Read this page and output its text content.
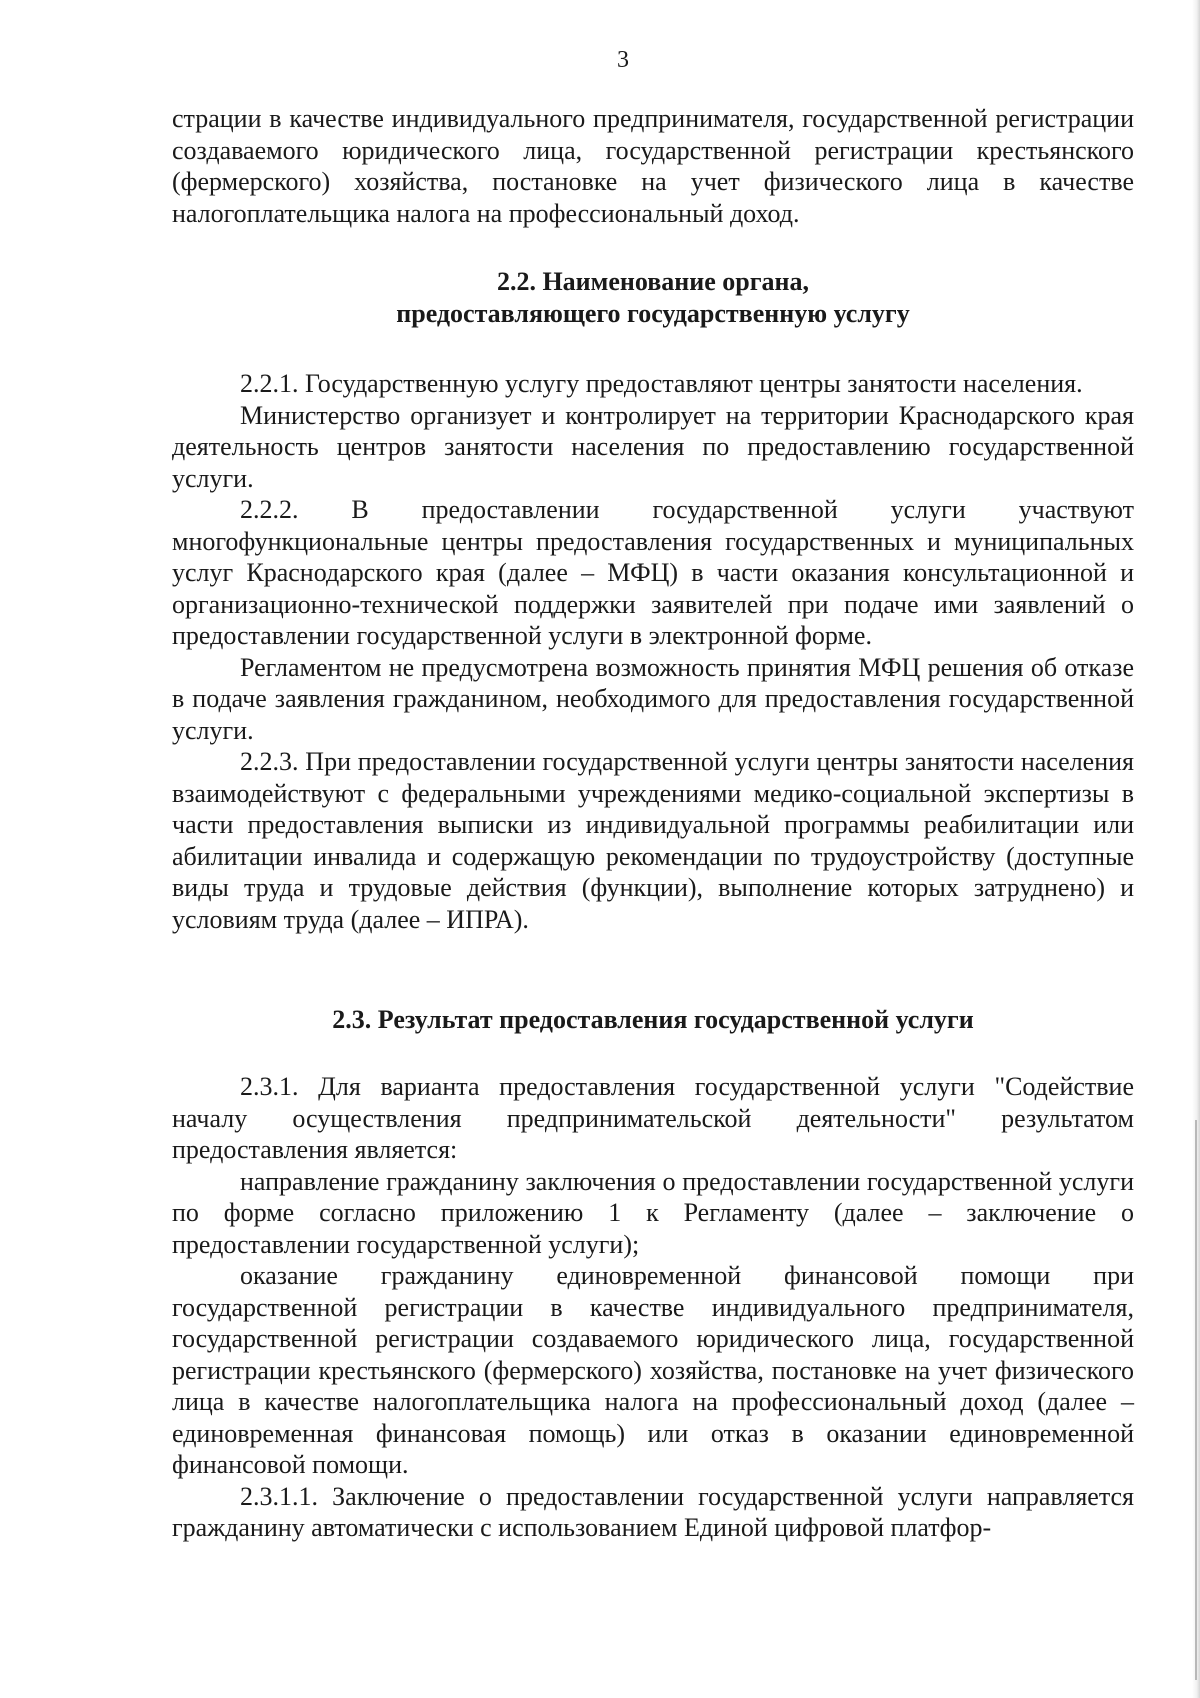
3

страции в качестве индивидуального предпринимателя, государственной регистрации создаваемого юридического лица, государственной регистрации крестьянского (фермерского) хозяйства, постановке на учет физического лица в качестве налогоплательщика налога на профессиональный доход.

2.2. Наименование органа,
предоставляющего государственную услугу

2.2.1. Государственную услугу предоставляют центры занятости населения.

Министерство организует и контролирует на территории Краснодарского края деятельность центров занятости населения по предоставлению государственной услуги.

2.2.2. В предоставлении государственной услуги участвуют многофункциональные центры предоставления государственных и муниципальных услуг Краснодарского края (далее – МФЦ) в части оказания консультационной и организационно-технической поддержки заявителей при подаче ими заявлений о предоставлении государственной услуги в электронной форме.

Регламентом не предусмотрена возможность принятия МФЦ решения об отказе в подаче заявления гражданином, необходимого для предоставления государственной услуги.

2.2.3. При предоставлении государственной услуги центры занятости населения взаимодействуют с федеральными учреждениями медико-социальной экспертизы в части предоставления выписки из индивидуальной программы реабилитации или абилитации инвалида и содержащую рекомендации по трудоустройству (доступные виды труда и трудовые действия (функции), выполнение которых затруднено) и условиям труда (далее – ИПРА).

2.3. Результат предоставления государственной услуги

2.3.1. Для варианта предоставления государственной услуги "Содействие началу осуществления предпринимательской деятельности" результатом предоставления является:

направление гражданину заключения о предоставлении государственной услуги по форме согласно приложению 1 к Регламенту (далее – заключение о предоставлении государственной услуги);

оказание гражданину единовременной финансовой помощи при государственной регистрации в качестве индивидуального предпринимателя, государственной регистрации создаваемого юридического лица, государственной регистрации крестьянского (фермерского) хозяйства, постановке на учет физического лица в качестве налогоплательщика налога на профессиональный доход (далее – единовременная финансовая помощь) или отказ в оказании единовременной финансовой помощи.

2.3.1.1. Заключение о предоставлении государственной услуги направляется гражданину автоматически с использованием Единой цифровой платфор-
